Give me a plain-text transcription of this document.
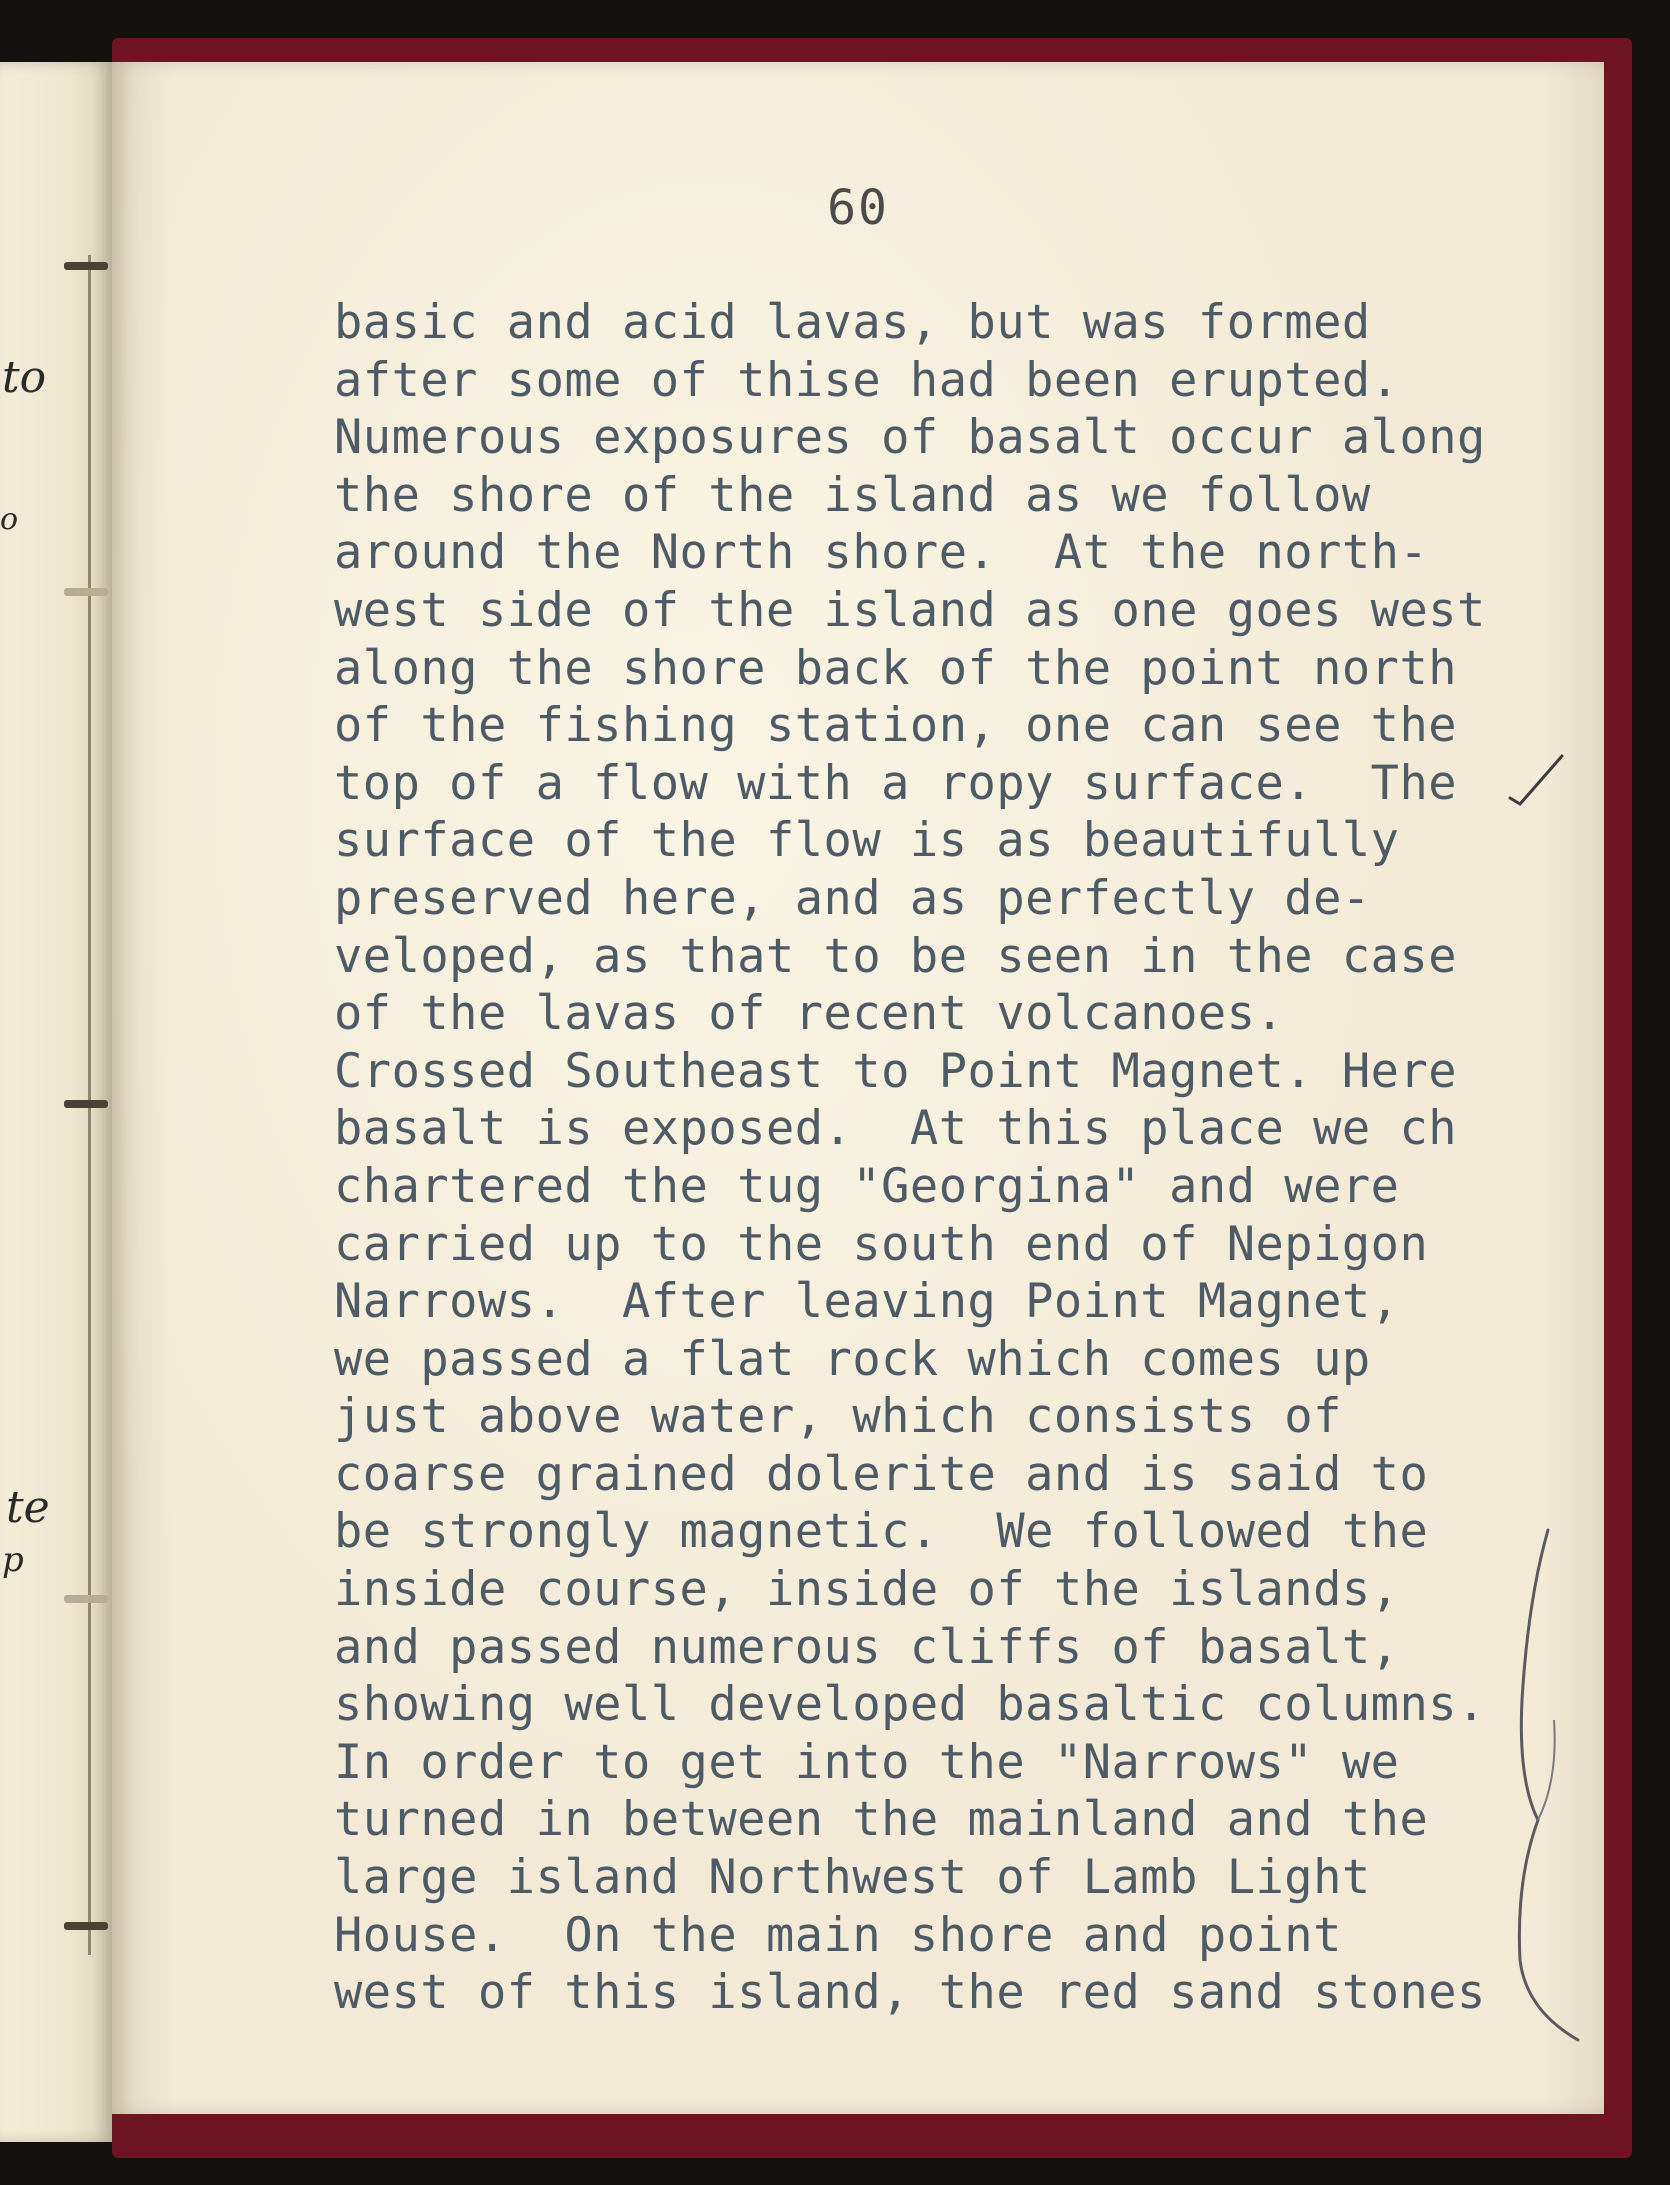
to
o
te
p
60
basic and acid lavas, but was formed
after some of thise had been erupted.
Numerous exposures of basalt occur along
the shore of the island as we follow
around the North shore.  At the north-
west side of the island as one goes west
along the shore back of the point north
of the fishing station, one can see the
top of a flow with a ropy surface.  The
surface of the flow is as beautifully
preserved here, and as perfectly de-
veloped, as that to be seen in the case
of the lavas of recent volcanoes.
Crossed Southeast to Point Magnet. Here
basalt is exposed.  At this place we ch
chartered the tug "Georgina" and were
carried up to the south end of Nepigon
Narrows.  After leaving Point Magnet,
we passed a flat rock which comes up
just above water, which consists of
coarse grained dolerite and is said to
be strongly magnetic.  We followed the
inside course, inside of the islands,
and passed numerous cliffs of basalt,
showing well developed basaltic columns.
In order to get into the "Narrows" we
turned in between the mainland and the
large island Northwest of Lamb Light
House.  On the main shore and point
west of this island, the red sand stones
